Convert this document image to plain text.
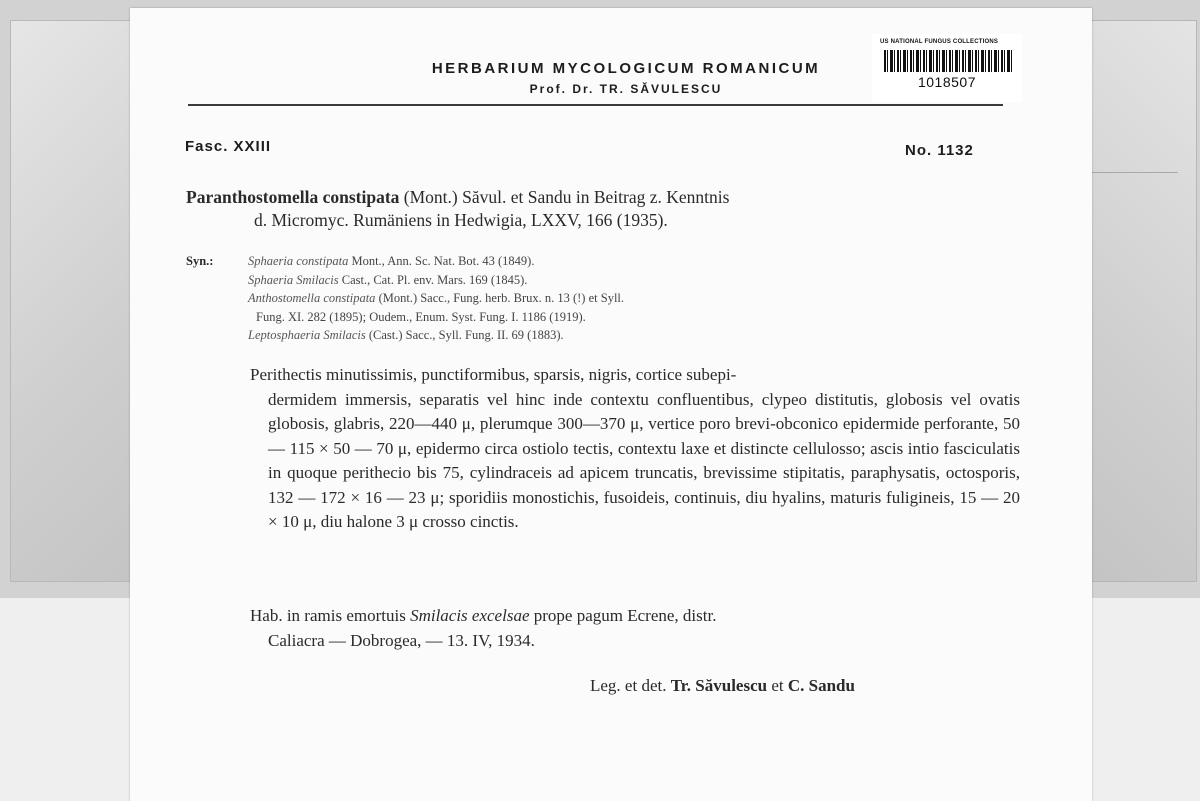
HERBARIUM MYCOLOGICUM ROMANICUM
Prof. Dr. TR. SĂVULESCU
US NATIONAL FUNGUS COLLECTIONS
1018507
Fasc. XXIII	No. 1132
Paranthostomella constipata (Mont.) Săvul. et Sandu in Beitrag z. Kenntnis
d. Micromyc. Rumäniens in Hedwigia, LXXV, 166 (1935).
Syn.:	Sphaeria constipata Mont., Ann. Sc. Nat. Bot. 43 (1849).
Sphaeria Smilacis Cast., Cat. Pl. env. Mars. 169 (1845).
Anthostomella constipata (Mont.) Sacc., Fung. herb. Brux. n. 13 (!) et Syll.
Fung. XI. 282 (1895); Oudem., Enum. Syst. Fung. I. 1186 (1919).
Leptosphaeria Smilacis (Cast.) Sacc., Syll. Fung. II. 69 (1883).
Perithectis minutissimis, punctiformibus, sparsis, nigris, cortice subepi-
dermidem immersis, separatis vel hinc inde contextu confluentibus, clypeo distitutis, globosis vel ovatis globosis, glabris, 220—440 μ, plerumque 300—370 μ, vertice poro brevi-obconico epidermide perforante, 50 — 115 × 50 — 70 μ, epidermo circa ostiolo tectis, contextu laxe et distincte cellulosso; ascis intio fasciculatis in quoque perithecio bis 75, cylindraceis ad apicem truncatis, brevissime stipitatis, paraphysatis, octosporis, 132 — 172 × 16 — 23 μ; sporidiis monostichis, fusoideis, continuis, diu hyalins, maturis fuligineis, 15 — 20 × 10 μ, diu halone 3 μ crosso cinctis.
Hab. in ramis emortuis Smilacis excelsae prope pagum Ecrene, distr.
Caliacra — Dobrogea, — 13. IV, 1934.
Leg. et det. Tr. Săvulescu et C. Sandu
